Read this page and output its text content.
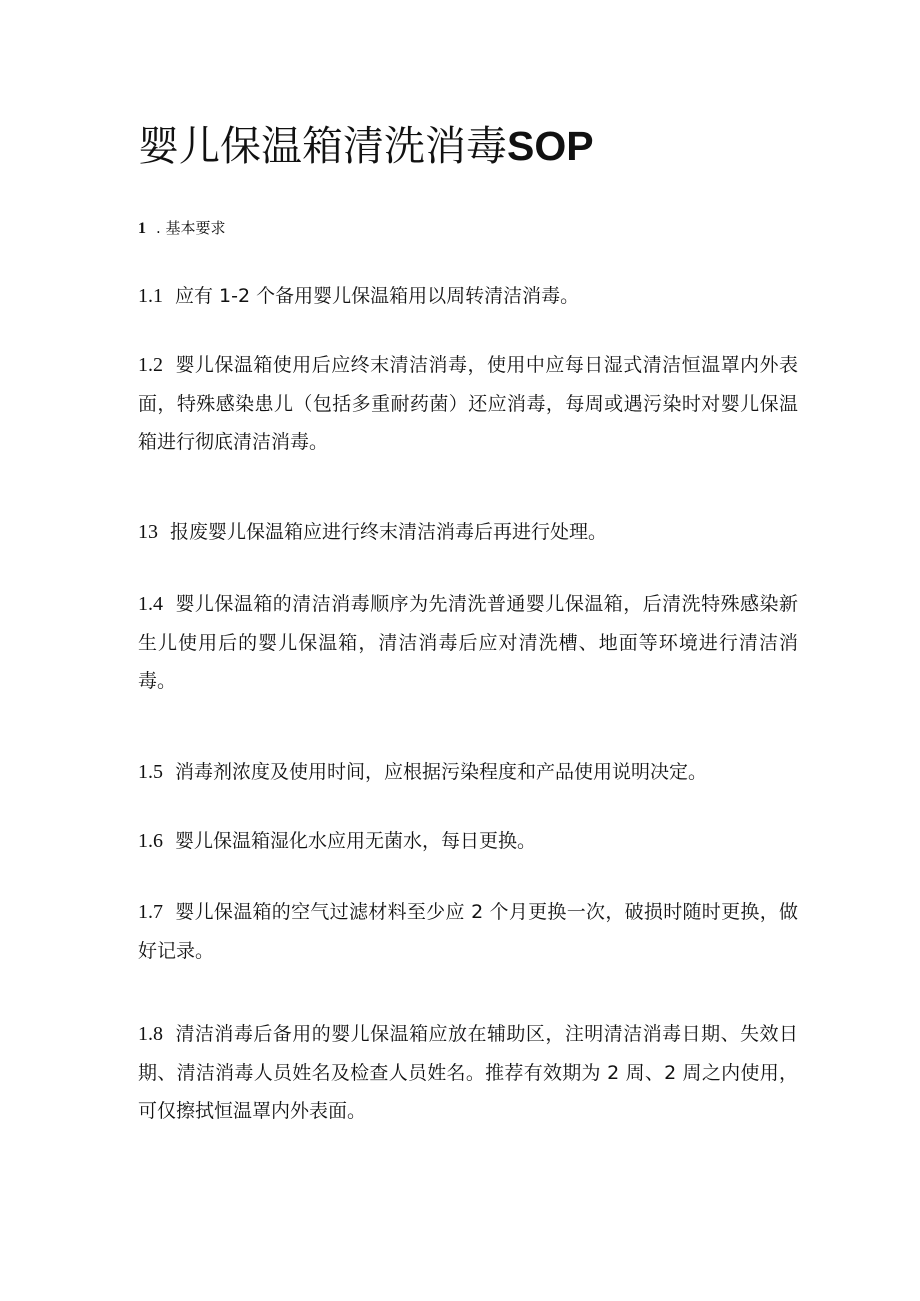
婴儿保温箱清洗消毒SOP
1 . 基本要求

1.1 应有 1-2 个备用婴儿保温箱用以周转清洁消毒。

1.2 婴儿保温箱使用后应终末清洁消毒，使用中应每日湿式清洁恒温罩内外表面，特殊感染患儿（包括多重耐药菌）还应消毒，每周或遇污染时对婴儿保温箱进行彻底清洁消毒。

13 报废婴儿保温箱应进行终末清洁消毒后再进行处理。

1.4 婴儿保温箱的清洁消毒顺序为先清洗普通婴儿保温箱，后清洗特殊感染新生儿使用后的婴儿保温箱，清洁消毒后应对清洗槽、地面等环境进行清洁消毒。

1.5 消毒剂浓度及使用时间，应根据污染程度和产品使用说明决定。

1.6 婴儿保温箱湿化水应用无菌水，每日更换。

1.7 婴儿保温箱的空气过滤材料至少应 2 个月更换一次，破损时随时更换，做好记录。

1.8 清洁消毒后备用的婴儿保温箱应放在辅助区，注明清洁消毒日期、失效日期、清洁消毒人员姓名及检查人员姓名。推荐有效期为 2 周、2 周之内使用，可仅擦拭恒温罩内外表面。
